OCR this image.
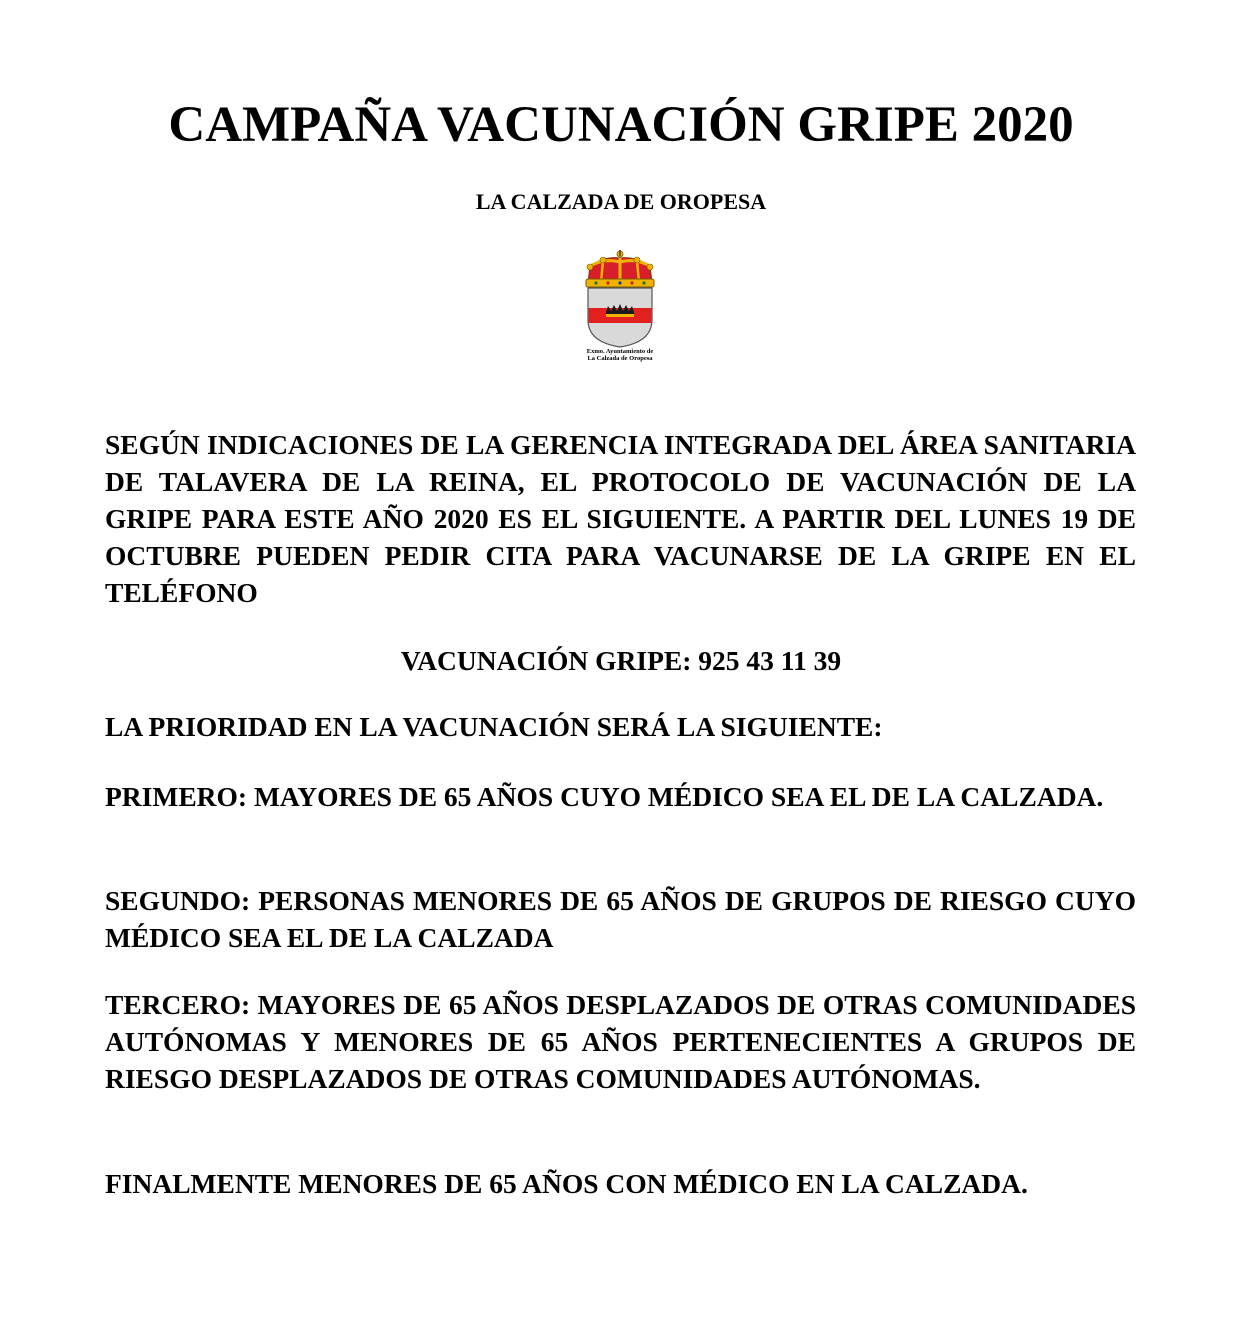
CAMPAÑA VACUNACIÓN GRIPE 2020
LA CALZADA DE OROPESA
Exmo. Ayuntamiento de
La Calzada de Oropesa

SEGÚN INDICACIONES DE LA GERENCIA INTEGRADA DEL ÁREA SANITARIA DE TALAVERA DE LA REINA, EL PROTOCOLO DE VACUNACIÓN DE LA GRIPE PARA ESTE AÑO 2020 ES EL SIGUIENTE. A PARTIR DEL LUNES 19 DE OCTUBRE PUEDEN PEDIR CITA PARA VACUNARSE DE LA GRIPE EN EL TELÉFONO

VACUNACIÓN GRIPE: 925 43 11 39

LA PRIORIDAD EN LA VACUNACIÓN SERÁ LA SIGUIENTE:

PRIMERO: MAYORES DE 65 AÑOS CUYO MÉDICO SEA EL DE LA CALZADA.

SEGUNDO: PERSONAS MENORES DE 65 AÑOS DE GRUPOS DE RIESGO CUYO MÉDICO SEA EL DE LA CALZADA

TERCERO: MAYORES DE 65 AÑOS DESPLAZADOS DE OTRAS COMUNIDADES AUTÓNOMAS Y MENORES DE 65 AÑOS PERTENECIENTES A GRUPOS DE RIESGO DESPLAZADOS DE OTRAS COMUNIDADES AUTÓNOMAS.

FINALMENTE MENORES DE 65 AÑOS CON MÉDICO EN LA CALZADA.
